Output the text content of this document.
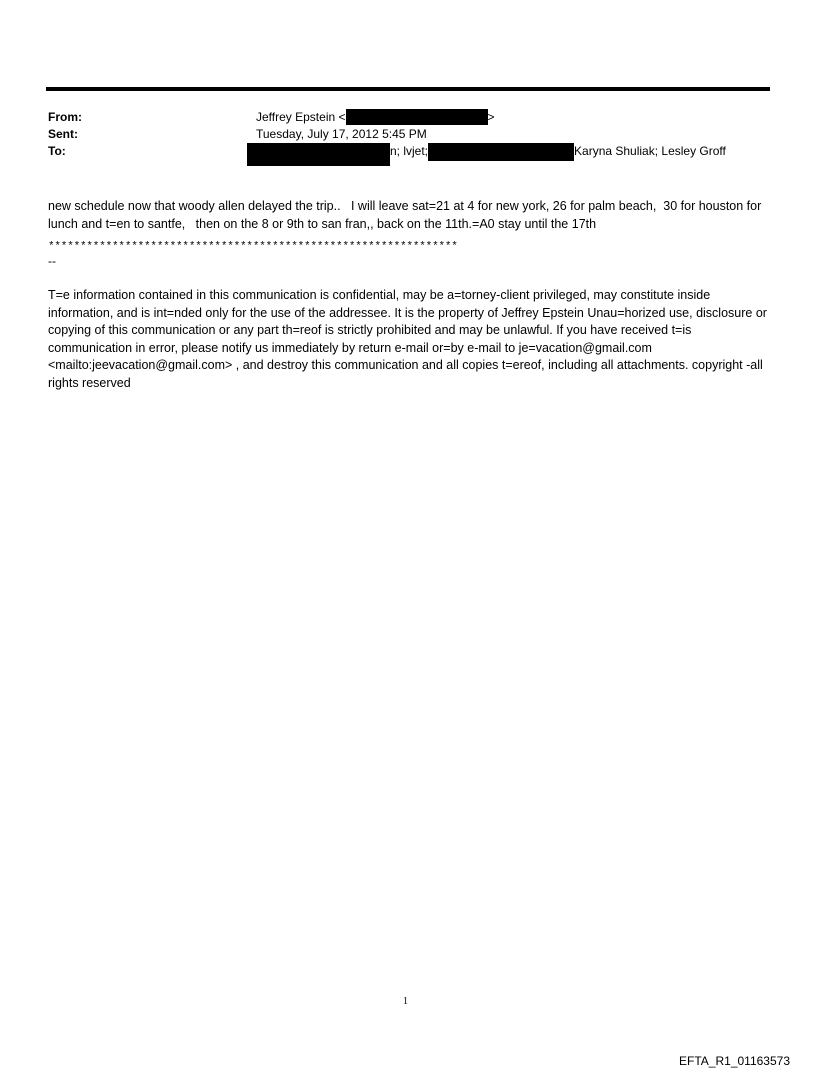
From:
Sent:
To:
Jeffrey Epstein <	>
Tuesday, July 17, 2012 5:45 PM
n; lvjet;	Karyna Shuliak; Lesley Groff
new schedule now that woody allen delayed the trip..   I will leave sat=21 at 4 for new york, 26 for palm beach,  30 for houston for lunch and t=en to santfe,   then on the 8 or 9th to san fran,, back on the 11th.=A0 stay until the 17th
--
****************************************************************
T=e information contained in this communication is confidential, may be a=torney-client privileged, may constitute inside information, and is int=nded only for the use of the addressee. It is the property of Jeffrey Epstein Unau=horized use, disclosure or copying of this communication or any part th=reof is strictly prohibited and may be unlawful. If you have received t=is communication in error, please notify us immediately by return e-mail or=by e-mail to je=vacation@gmail.com <mailto:jeevacation@gmail.com> , and destroy this communication and all copies t=ereof, including all attachments. copyright -all rights reserved
1
EFTA_R1_01163573
